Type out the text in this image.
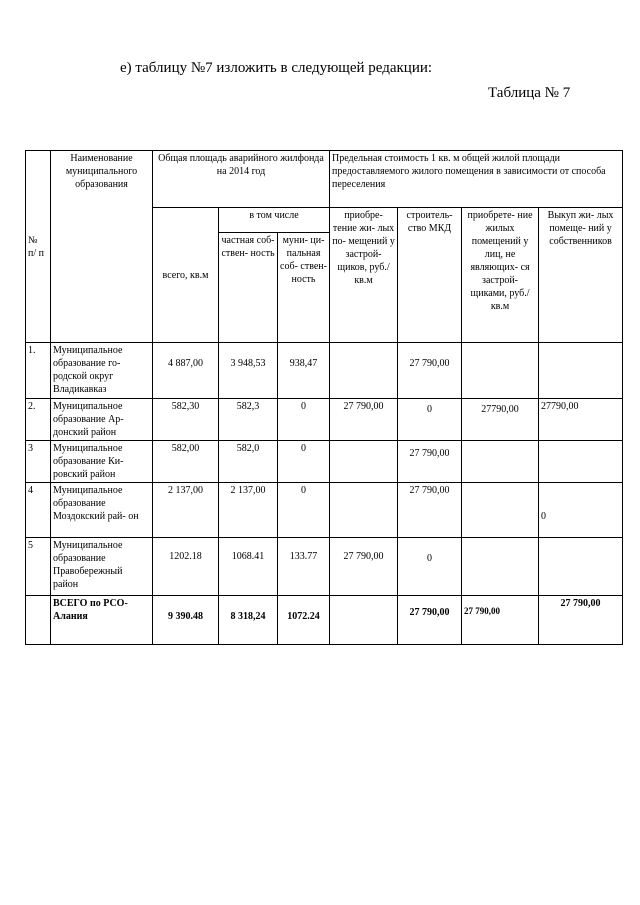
е) таблицу №7 изложить в следующей редакции:
Таблица № 7
№ п/ п	Наименование муниципального образования	Общая площадь аварийного жилфонда на 2014 год			Предельная стоимость 1 кв. м общей жилой площади предоставляемого жилого помещения в зависимости от способа переселения			
		всего, кв.м	в том числе		приобре- тение жи- лых по- мещений у застрой- щиков, руб./кв.м	строитель- ство МКД	приобрете- ние жилых помещений у лиц, не являющих- ся застрой- щиками, руб./кв.м	Выкуп жи- лых помеще- ний у собственников
			частная соб- ствен- ность	муни- ци- пальная соб- ствен- ность				
1.	Муниципальное образование го- родской округ Владикавказ	4 887,00	3 948,53	938,47		27 790,00		
2.	Муниципальное образование Ар- донский район	582,30	582,3	0	27 790,00	0	27790,00	27790,00
3	Муниципальное образование Ки- ровский район	582,00	582,0	0		27 790,00		
4	Муниципальное образование Моздокский рай- он	2 137,00	2 137,00	0		27 790,00		0
5	Муниципальное образование Правобережный район	1202.18	1068.41	133.77	27 790,00	0		
	ВСЕГО по РСО- Алания	9 390.48	8 318,24	1072.24		27 790,00	27 790,00	27 790,00
